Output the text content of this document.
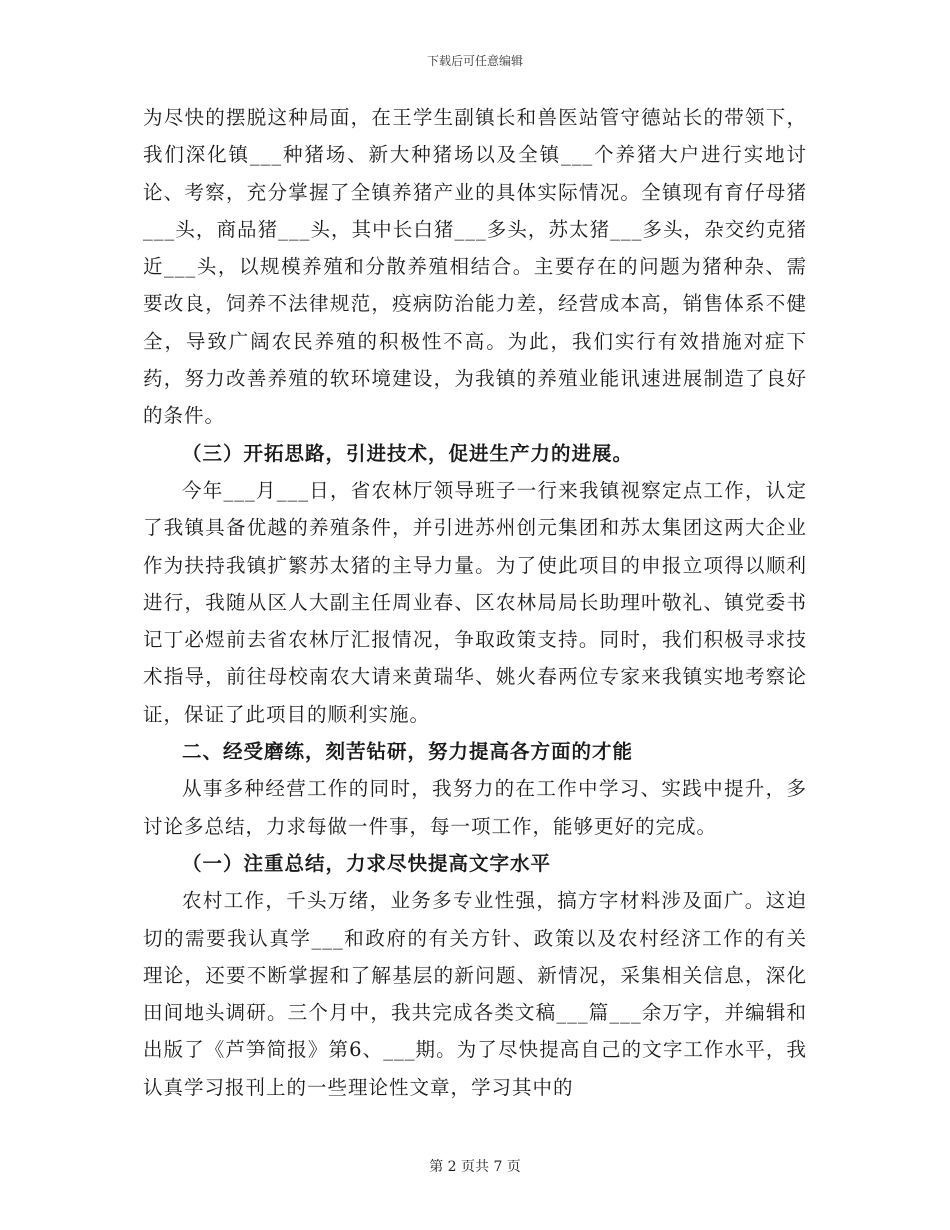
下载后可任意编辑

为尽快的摆脱这种局面，在王学生副镇长和兽医站管守德站长的带领下，我们深化镇___种猪场、新大种猪场以及全镇___个养猪大户进行实地讨论、考察，充分掌握了全镇养猪产业的具体实际情况。全镇现有育仔母猪___头，商品猪___头，其中长白猪___多头，苏太猪___多头，杂交约克猪近___头，以规模养殖和分散养殖相结合。主要存在的问题为猪种杂、需要改良，饲养不法律规范，疫病防治能力差，经营成本高，销售体系不健全，导致广阔农民养殖的积极性不高。为此，我们实行有效措施对症下药，努力改善养殖的软环境建设，为我镇的养殖业能讯速进展制造了良好的条件。

（三）开拓思路，引进技术，促进生产力的进展。

今年___月___日，省农林厅领导班子一行来我镇视察定点工作，认定了我镇具备优越的养殖条件，并引进苏州创元集团和苏太集团这两大企业作为扶持我镇扩繁苏太猪的主导力量。为了使此项目的申报立项得以顺利进行，我随从区人大副主任周业春、区农林局局长助理叶敬礼、镇党委书记丁必煜前去省农林厅汇报情况，争取政策支持。同时，我们积极寻求技术指导，前往母校南农大请来黄瑞华、姚火春两位专家来我镇实地考察论证，保证了此项目的顺利实施。

二、经受磨练，刻苦钻研，努力提高各方面的才能

从事多种经营工作的同时，我努力的在工作中学习、实践中提升，多讨论多总结，力求每做一件事，每一项工作，能够更好的完成。

（一）注重总结，力求尽快提高文字水平

农村工作，千头万绪，业务多专业性强，搞方字材料涉及面广。这迫切的需要我认真学___和政府的有关方针、政策以及农村经济工作的有关理论，还要不断掌握和了解基层的新问题、新情况，采集相关信息，深化田间地头调研。三个月中，我共完成各类文稿___篇___余万字，并编辑和出版了《芦笋简报》第6、___期。为了尽快提高自己的文字工作水平，我认真学习报刊上的一些理论性文章，学习其中的

第 2 页共 7 页
